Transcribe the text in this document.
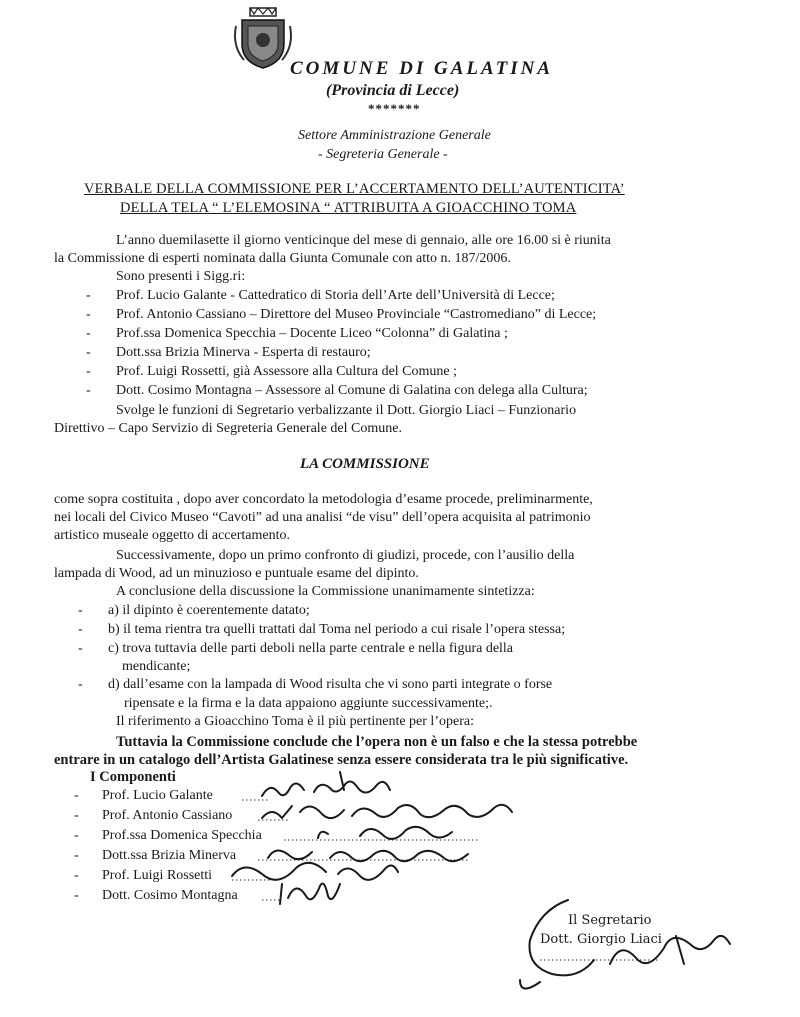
COMUNE DI GALATINA
(Provincia di Lecce)
*******
Settore Amministrazione Generale
- Segreteria Generale -
VERBALE DELLA COMMISSIONE PER L’ACCERTAMENTO DELL’AUTENTICITA’
DELLA TELA “ L’ELEMOSINA “ ATTRIBUITA A GIOACCHINO TOMA
L’anno duemilasette il giorno venticinque del mese di gennaio, alle ore 16.00 si è riunita
la Commissione di esperti nominata dalla Giunta Comunale con atto n. 187/2006.
Sono presenti i Sigg.ri:
- Prof. Lucio Galante - Cattedratico di Storia dell’Arte dell’Università di Lecce;
- Prof. Antonio Cassiano – Direttore del Museo Provinciale “Castromediano” di Lecce;
- Prof.ssa Domenica Specchia – Docente Liceo “Colonna” di Galatina ;
- Dott.ssa Brizia Minerva - Esperta di restauro;
- Prof. Luigi Rossetti, già Assessore alla Cultura del Comune ;
- Dott. Cosimo Montagna – Assessore al Comune di Galatina con delega alla Cultura;
Svolge le funzioni di Segretario verbalizzante il Dott. Giorgio Liaci – Funzionario
Direttivo – Capo Servizio di Segreteria Generale del Comune.
LA COMMISSIONE
come sopra costituita , dopo aver concordato la metodologia d’esame procede, preliminarmente,
nei locali del Civico Museo “Cavoti” ad una analisi “de visu” dell’opera acquisita al patrimonio
artistico museale oggetto di accertamento.
Successivamente, dopo un primo confronto di giudizi, procede, con l’ausilio della
lampada di Wood, ad un minuzioso e puntuale esame del dipinto.
A conclusione della discussione la Commissione unanimamente sintetizza:
- a) il dipinto è coerentemente datato;
- b) il tema rientra tra quelli trattati dal Toma nel periodo a cui risale l’opera stessa;
- c) trova tuttavia delle parti deboli nella parte centrale e nella figura della
mendicante;
- d) dall’esame con la lampada di Wood risulta che vi sono parti integrate o forse
ripensate e la firma e la data appaiono aggiunte successivamente;.
Il riferimento a Gioacchino Toma è il più pertinente per l’opera:
Tuttavia la Commissione conclude che l’opera non è un falso e che la stessa potrebbe
entrare in un catalogo dell’Artista Galatinese senza essere considerata tra le più significative.
I Componenti
- Prof. Lucio Galante
- Prof. Antonio Cassiano
- Prof.ssa Domenica Specchia
- Dott.ssa Brizia Minerva
- Prof. Luigi Rossetti
- Dott. Cosimo Montagna
Il Segretario
Dott. Giorgio Liaci
